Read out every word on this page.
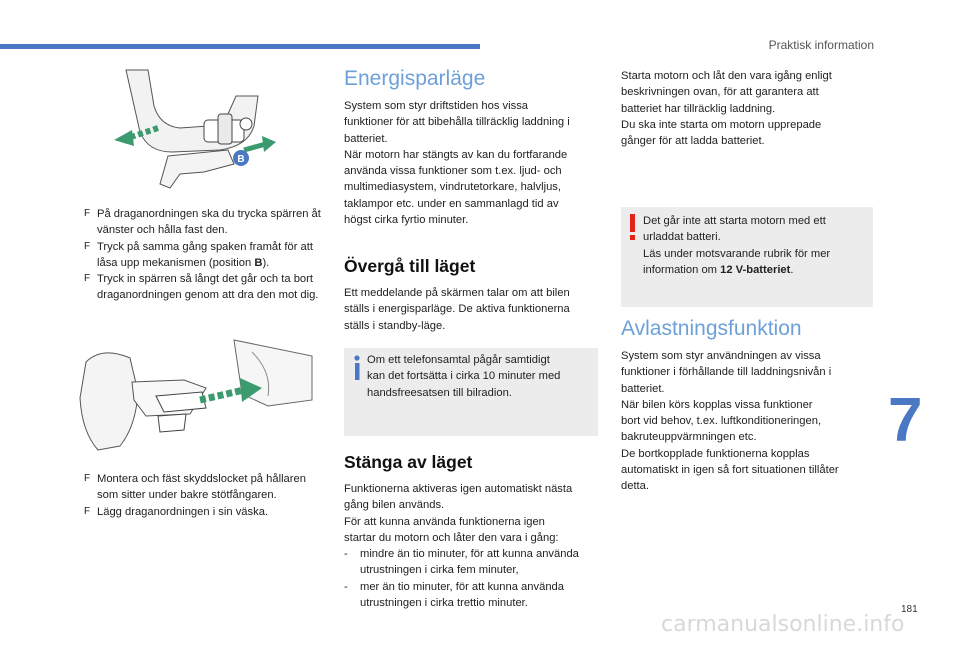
Praktisk information
B
F På draganordningen ska du trycka spärren åt vänster och hålla fast den.
F Tryck på samma gång spaken framåt för att låsa upp mekanismen (position B).
F Tryck in spärren så långt det går och ta bort draganordningen genom att dra den mot dig.
F Montera och fäst skyddslocket på hållaren som sitter under bakre stötfångaren.
F Lägg draganordningen i sin väska.
Energisparläge
System som styr driftstiden hos vissa
funktioner för att bibehålla tillräcklig laddning i
batteriet.
När motorn har stängts av kan du fortfarande
använda vissa funktioner som t.ex. ljud- och
multimediasystem, vindrutetorkare, halvljus,
taklampor etc. under en sammanlagd tid av
högst cirka fyrtio minuter.
Övergå till läget
Ett meddelande på skärmen talar om att bilen
ställs i energisparläge. De aktiva funktionerna
ställs i standby-läge.
Om ett telefonsamtal pågår samtidigt
kan det fortsätta i cirka 10 minuter med
handsfreesatsen till bilradion.
Stänga av läget
Funktionerna aktiveras igen automatiskt nästa
gång bilen används.
För att kunna använda funktionerna igen
startar du motorn och låter den vara i gång:
- mindre än tio minuter, för att kunna använda utrustningen i cirka fem minuter,
- mer än tio minuter, för att kunna använda utrustningen i cirka trettio minuter.
Starta motorn och låt den vara igång enligt
beskrivningen ovan, för att garantera att
batteriet har tillräcklig laddning.
Du ska inte starta om motorn upprepade
gånger för att ladda batteriet.
Det går inte att starta motorn med ett
urladdat batteri.
Läs under motsvarande rubrik för mer
information om 12 V-batteriet.
Avlastningsfunktion
System som styr användningen av vissa
funktioner i förhållande till laddningsnivån i
batteriet.
När bilen körs kopplas vissa funktioner
bort vid behov, t.ex. luftkonditioneringen,
bakruteuppvärmningen etc.
De bortkopplade funktionerna kopplas
automatiskt in igen så fort situationen tillåter
detta.
7
181
carmanualsonline.info
